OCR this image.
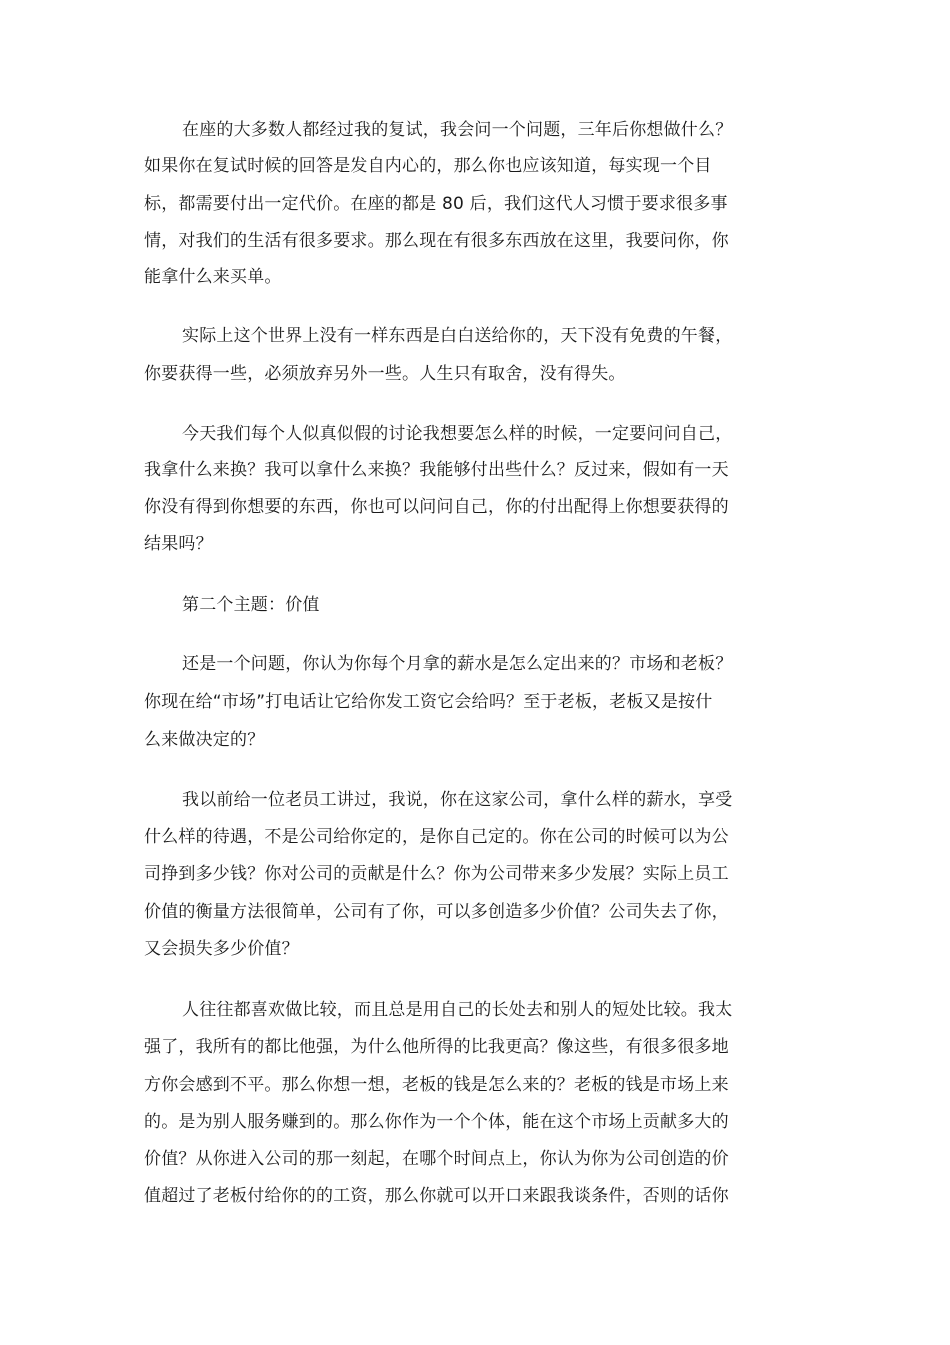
在座的大多数人都经过我的复试，我会问一个问题，三年后你想做什么？
如果你在复试时候的回答是发自内心的，那么你也应该知道，每实现一个目
标，都需要付出一定代价。在座的都是 80 后，我们这代人习惯于要求很多事
情，对我们的生活有很多要求。那么现在有很多东西放在这里，我要问你，你
能拿什么来买单。
实际上这个世界上没有一样东西是白白送给你的，天下没有免费的午餐，
你要获得一些，必须放弃另外一些。人生只有取舍，没有得失。
今天我们每个人似真似假的讨论我想要怎么样的时候，一定要问问自己，
我拿什么来换？我可以拿什么来换？我能够付出些什么？反过来，假如有一天
你没有得到你想要的东西，你也可以问问自己，你的付出配得上你想要获得的
结果吗？
第二个主题：价值
还是一个问题，你认为你每个月拿的薪水是怎么定出来的？市场和老板？
你现在给“市场”打电话让它给你发工资它会给吗？至于老板，老板又是按什
么来做决定的？
我以前给一位老员工讲过，我说，你在这家公司，拿什么样的薪水，享受
什么样的待遇，不是公司给你定的，是你自己定的。你在公司的时候可以为公
司挣到多少钱？你对公司的贡献是什么？你为公司带来多少发展？实际上员工
价值的衡量方法很简单，公司有了你，可以多创造多少价值？公司失去了你，
又会损失多少价值？
人往往都喜欢做比较，而且总是用自己的长处去和别人的短处比较。我太
强了，我所有的都比他强，为什么他所得的比我更高？像这些，有很多很多地
方你会感到不平。那么你想一想，老板的钱是怎么来的？老板的钱是市场上来
的。是为别人服务赚到的。那么你作为一个个体，能在这个市场上贡献多大的
价值？从你进入公司的那一刻起，在哪个时间点上，你认为你为公司创造的价
值超过了老板付给你的的工资，那么你就可以开口来跟我谈条件，否则的话你
